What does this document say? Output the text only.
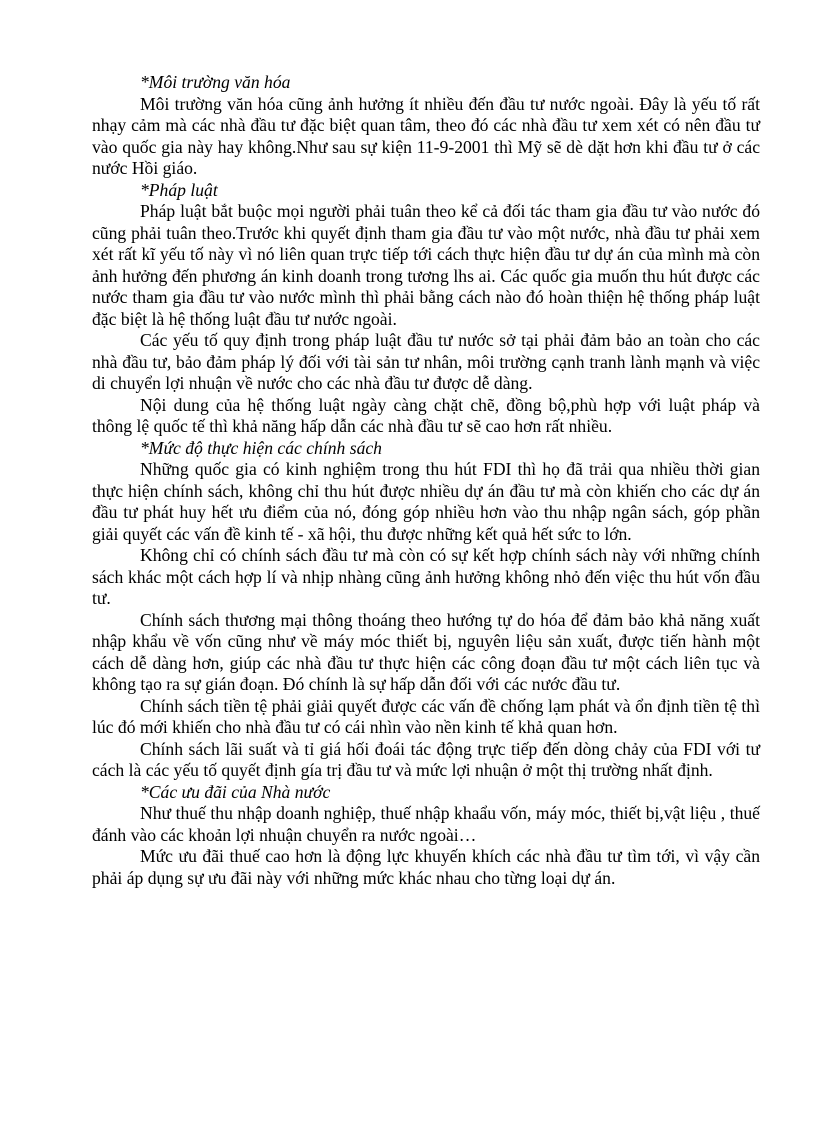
*Môi trường văn hóa

Môi trường văn hóa cũng ảnh hưởng ít nhiều đến đầu tư nước ngoài. Đây là yếu tố rất nhạy cảm mà các nhà đầu tư đặc biệt quan tâm, theo đó các nhà đầu tư xem xét có nên đầu tư vào quốc gia này hay không.Như sau sự kiện 11-9-2001 thì Mỹ sẽ dè dặt hơn khi đầu tư ở các nước Hồi giáo.

*Pháp luật

Pháp luật bắt buộc mọi người phải tuân theo kể cả đối tác tham gia đầu tư vào nước đó cũng phải tuân theo.Trước khi quyết định tham gia đầu tư vào một nước, nhà đầu tư phải xem xét rất kĩ yếu tố này vì nó liên quan trực tiếp tới cách thực hiện đầu tư dự án của mình mà còn ảnh hưởng đến phương án kinh doanh trong tương lhs ai. Các quốc gia muốn thu hút được các nước tham gia đầu tư vào nước mình thì phải bằng cách nào đó hoàn thiện hệ thống pháp luật đặc biệt là hệ thống luật đầu tư nước ngoài.

Các yếu tố quy định trong pháp luật đầu tư nước sở tại phải đảm bảo an toàn cho các nhà đầu tư, bảo đảm pháp lý đối với tài sản tư nhân, môi trường cạnh tranh lành mạnh và việc di chuyển lợi nhuận về nước cho các nhà đầu tư được dễ dàng.

Nội dung của hệ thống luật ngày càng chặt chẽ, đồng bộ,phù hợp với luật pháp và thông lệ quốc tế thì khả năng hấp dẫn các nhà đầu tư sẽ cao hơn rất nhiều.

*Mức độ thực hiện các chính sách

Những quốc gia có kinh nghiệm trong thu hút FDI thì họ đã trải qua nhiều thời gian thực hiện chính sách, không chỉ thu hút được nhiều dự án đầu tư mà còn khiến cho các dự án đầu tư phát huy hết ưu điểm của nó, đóng góp nhiều hơn vào thu nhập ngân sách, góp phần giải quyết các vấn đề kinh tế - xã hội, thu được những kết quả hết sức to lớn.

Không chỉ có chính sách đầu tư mà còn có sự kết hợp chính sách này với những chính sách khác một cách hợp lí và nhịp nhàng cũng ảnh hưởng không nhỏ đến việc thu hút vốn đầu tư.

Chính sách thương mại thông thoáng theo hướng tự do hóa để đảm bảo khả năng xuất nhập khẩu về vốn cũng như về máy móc thiết bị, nguyên liệu sản xuất, được tiến hành một cách dễ dàng hơn, giúp các nhà đầu tư thực hiện các công đoạn đầu tư một cách liên tục và không tạo ra sự gián đoạn. Đó chính là sự hấp dẫn đối với các nước đầu tư.

Chính sách tiền tệ phải giải quyết được các vấn đề chống lạm phát và ổn định tiền tệ thì lúc đó mới khiến cho nhà đầu tư có cái nhìn vào nền kinh tế khả quan hơn.

Chính sách lãi suất và tỉ giá hối đoái tác động trực tiếp đến dòng chảy của FDI với tư cách là các yếu tố quyết định gía trị đầu tư và mức lợi nhuận ở một thị trường nhất định.

*Các ưu đãi của Nhà nước

Như thuế thu nhập doanh nghiệp, thuế nhập khaẩu vốn, máy móc, thiết bị,vật liệu , thuế đánh vào các khoản lợi nhuận chuyển ra nước ngoài…

Mức ưu đãi thuế cao hơn là động lực khuyến khích các nhà đầu tư tìm tới, vì vậy cần phải áp dụng sự ưu đãi này với những mức khác nhau cho từng loại dự án.
